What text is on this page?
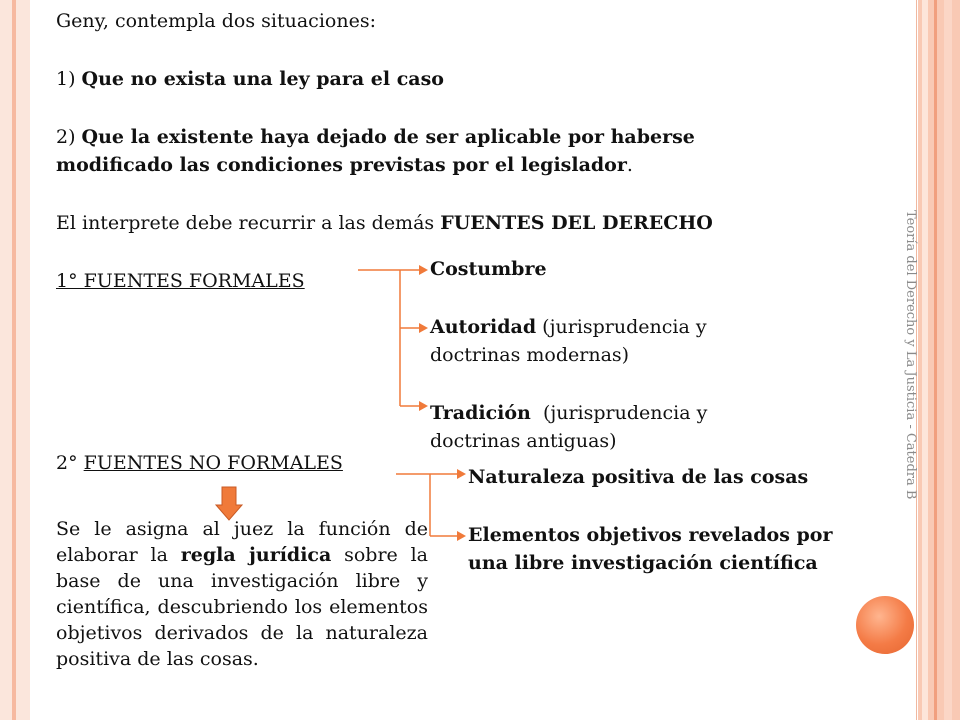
Teoría del Derecho y La Justicia - Catedra B
Geny, contempla dos situaciones:
1) Que no exista una ley para el caso
2) Que la existente haya dejado de ser aplicable por haberse
modificado las condiciones previstas por el legislador.
El interprete debe recurrir a las demás FUENTES DEL DERECHO
1° FUENTES FORMALES
Costumbre
Autoridad (jurisprudencia y
doctrinas modernas)
Tradición  (jurisprudencia y
doctrinas antiguas)
2° FUENTES NO FORMALES
Naturaleza positiva de las cosas
Elementos objetivos revelados por
una libre investigación científica
Se le asigna al juez la función de elaborar la regla jurídica sobre la base de una investigación libre y científica, descubriendo los elementos objetivos derivados de la naturaleza positiva de las cosas.
